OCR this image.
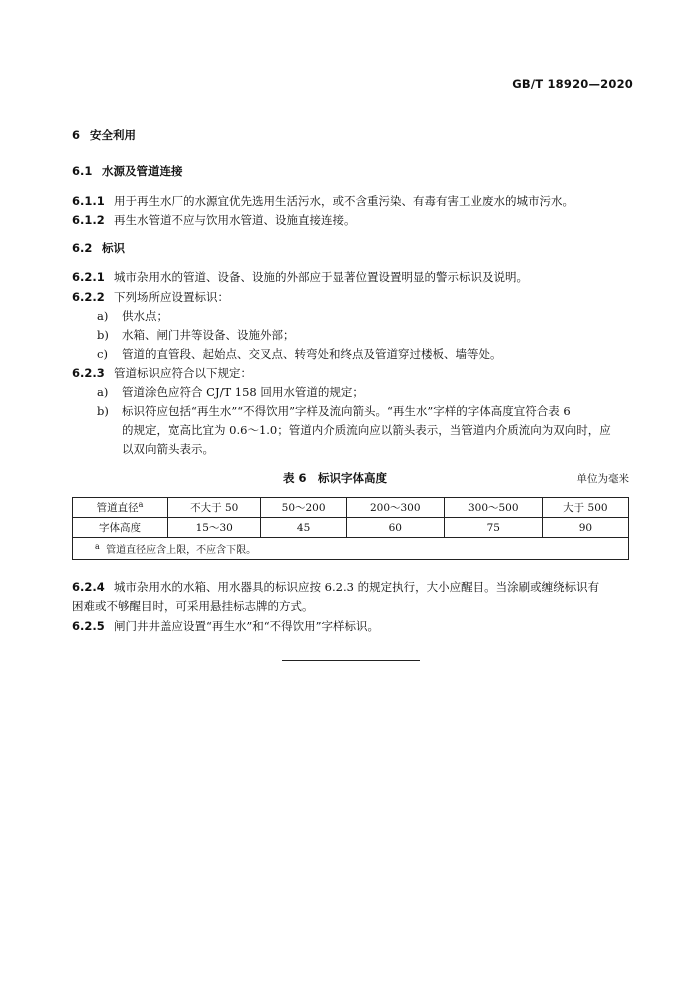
GB/T 18920—2020
6 安全利用
6.1 水源及管道连接
6.1.1 用于再生水厂的水源宜优先选用生活污水，或不含重污染、有毒有害工业废水的城市污水。
6.1.2 再生水管道不应与饮用水管道、设施直接连接。
6.2 标识
6.2.1 城市杂用水的管道、设备、设施的外部应于显著位置设置明显的警示标识及说明。
6.2.2 下列场所应设置标识：
a) 供水点；
b) 水箱、闸门井等设备、设施外部；
c) 管道的直管段、起始点、交叉点、转弯处和终点及管道穿过楼板、墙等处。
6.2.3 管道标识应符合以下规定：
a) 管道涂色应符合 CJ/T 158 回用水管道的规定；
b) 标识符应包括“再生水”“不得饮用”字样及流向箭头。“再生水”字样的字体高度宜符合表 6
的规定，宽高比宜为 0.6～1.0；管道内介质流向应以箭头表示，当管道内介质流向为双向时，应
以双向箭头表示。
表 6　标识字体高度	单位为毫米
管道直径$^a$	不大于 50	50～200	200～300	300～500	大于 500
字体高度	15～30	45	60	75	90
$^a$ 管道直径应含上限，不应含下限。					
6.2.4 城市杂用水的水箱、用水器具的标识应按 6.2.3 的规定执行，大小应醒目。当涂刷或缠绕标识有
困难或不够醒目时，可采用悬挂标志牌的方式。
6.2.5 闸门井井盖应设置“再生水”和“不得饮用”字样标识。
